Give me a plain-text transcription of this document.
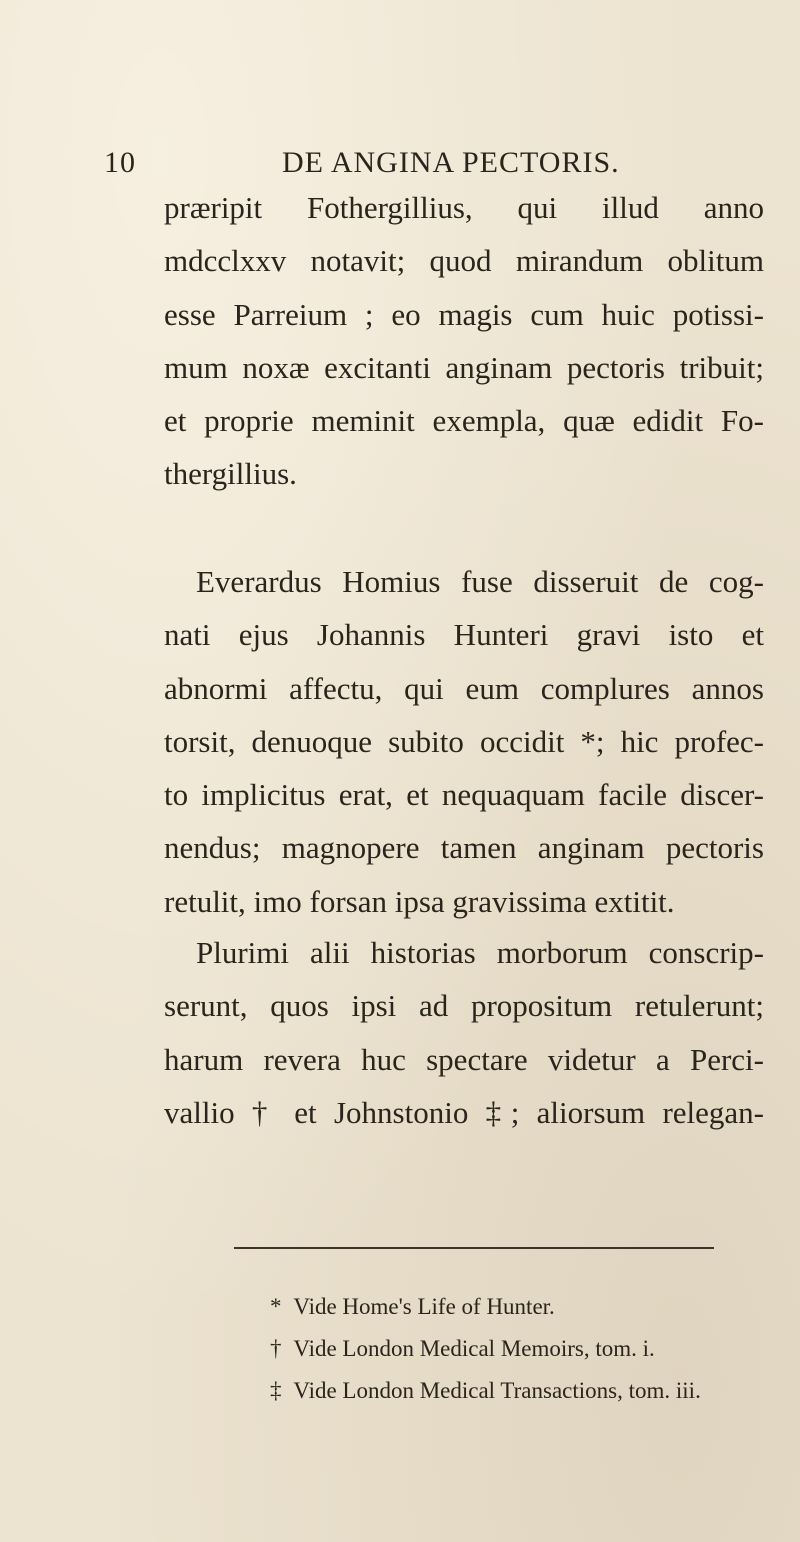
10	DE ANGINA PECTORIS.

præripit Fothergillius, qui illud anno
mdcclxxv notavit; quod mirandum oblitum
esse Parreium ; eo magis cum huic potissi-
mum noxæ excitanti anginam pectoris tribuit;
et proprie meminit exempla, quæ edidit Fo-
thergillius.

Everardus Homius fuse disseruit de cog-
nati ejus Johannis Hunteri gravi isto et
abnormi affectu, qui eum complures annos
torsit, denuoque subito occidit *; hic profec-
to implicitus erat, et nequaquam facile discer-
nendus; magnopere tamen anginam pectoris
retulit, imo forsan ipsa gravissima extitit.

Plurimi alii historias morborum conscrip-
serunt, quos ipsi ad propositum retulerunt;
harum revera huc spectare videtur a Perci-
vallio † et Johnstonio ‡; aliorsum relegan-

* Vide Home's Life of Hunter.
† Vide London Medical Memoirs, tom. i.
‡ Vide London Medical Transactions, tom. iii.
